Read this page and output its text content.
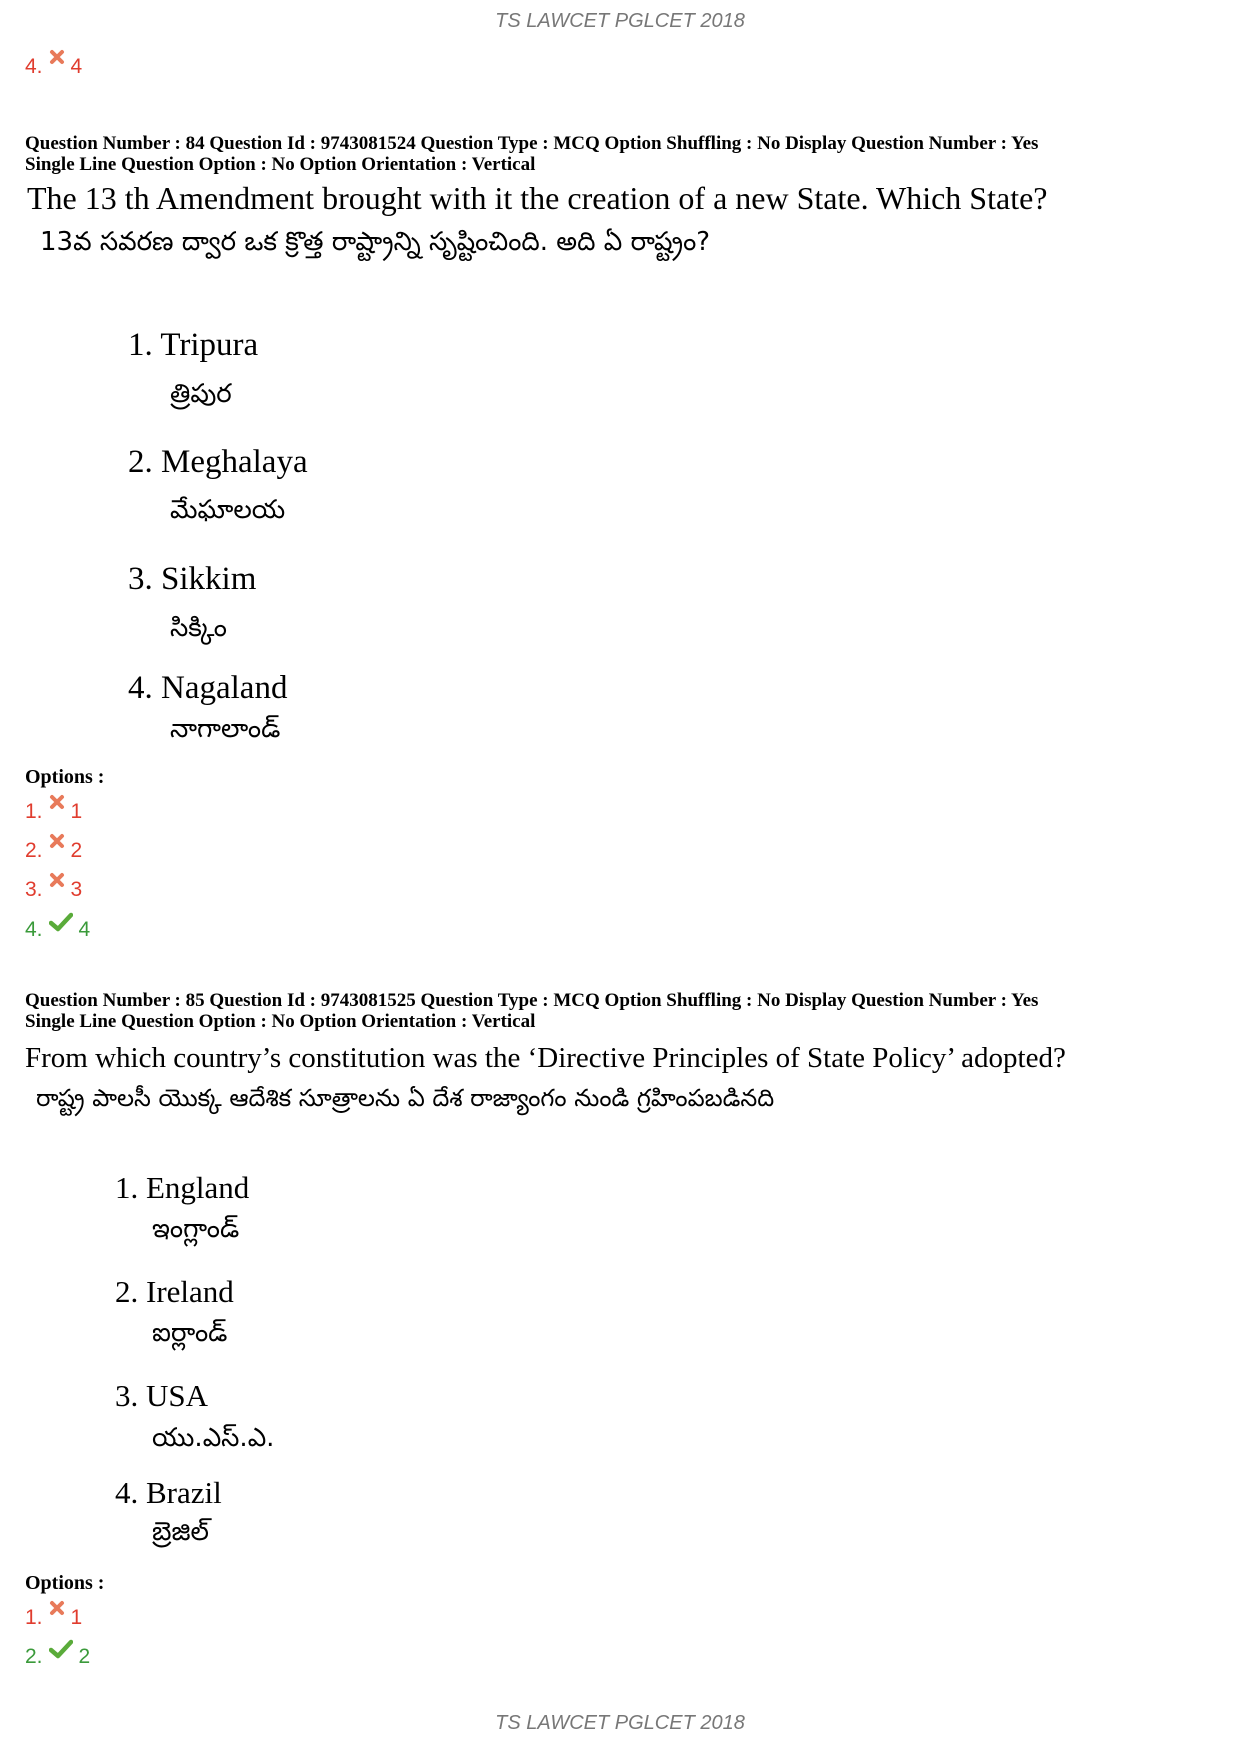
TS LAWCET PGLCET 2018
4. 4
Question Number : 84 Question Id : 9743081524 Question Type : MCQ Option Shuffling : No Display Question Number : Yes
Single Line Question Option : No Option Orientation : Vertical
The 13 th Amendment brought with it the creation of a new State. Which State?
13వ సవరణ ద్వార ఒక క్రొత్త రాష్ట్రాన్ని సృష్టించింది. అది ఏ రాష్ట్రం?
1. Tripura
త్రిపుర
2. Meghalaya
మేఘాలయ
3. Sikkim
సిక్కిం
4. Nagaland
నాగాలాండ్
Options :
1. 1
2. 2
3. 3
4. 4
Question Number : 85 Question Id : 9743081525 Question Type : MCQ Option Shuffling : No Display Question Number : Yes
Single Line Question Option : No Option Orientation : Vertical
From which country’s constitution was the ‘Directive Principles of State Policy’ adopted?
రాష్ట్ర పాలసీ యొక్క ఆదేశిక సూత్రాలను ఏ దేశ రాజ్యాంగం నుండి గ్రహింపబడినది
1. England
ఇంగ్లాండ్
2. Ireland
ఐర్లాండ్
3. USA
యు.ఎస్.ఎ.
4. Brazil
బ్రెజిల్
Options :
1. 1
2. 2
TS LAWCET PGLCET 2018
